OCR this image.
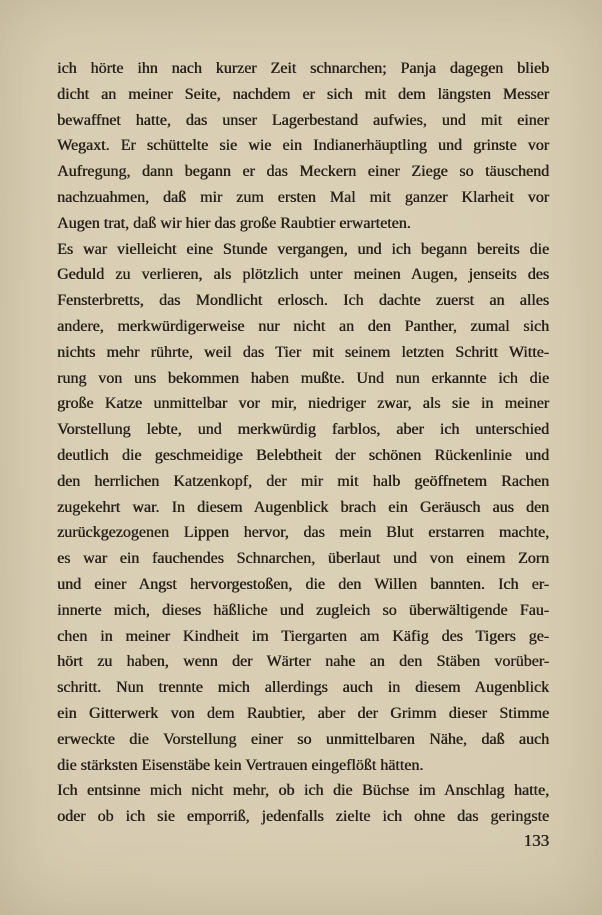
ich hörte ihn nach kurzer Zeit schnarchen; Panja dagegen blieb
dicht an meiner Seite, nachdem er sich mit dem längsten Messer
bewaffnet hatte, das unser Lagerbestand aufwies, und mit einer
Wegaxt. Er schüttelte sie wie ein Indianerhäuptling und grinste vor
Aufregung, dann begann er das Meckern einer Ziege so täuschend
nachzuahmen, daß mir zum ersten Mal mit ganzer Klarheit vor
Augen trat, daß wir hier das große Raubtier erwarteten.

Es war vielleicht eine Stunde vergangen, und ich begann bereits die
Geduld zu verlieren, als plötzlich unter meinen Augen, jenseits des
Fensterbretts, das Mondlicht erlosch. Ich dachte zuerst an alles
andere, merkwürdigerweise nur nicht an den Panther, zumal sich
nichts mehr rührte, weil das Tier mit seinem letzten Schritt Witte-
rung von uns bekommen haben mußte. Und nun erkannte ich die
große Katze unmittelbar vor mir, niedriger zwar, als sie in meiner
Vorstellung lebte, und merkwürdig farblos, aber ich unterschied
deutlich die geschmeidige Belebtheit der schönen Rückenlinie und
den herrlichen Katzenkopf, der mir mit halb geöffnetem Rachen
zugekehrt war. In diesem Augenblick brach ein Geräusch aus den
zurückgezogenen Lippen hervor, das mein Blut erstarren machte,
es war ein fauchendes Schnarchen, überlaut und von einem Zorn
und einer Angst hervorgestoßen, die den Willen bannten. Ich er-
innerte mich, dieses häßliche und zugleich so überwältigende Fau-
chen in meiner Kindheit im Tiergarten am Käfig des Tigers ge-
hört zu haben, wenn der Wärter nahe an den Stäben vorüber-
schritt. Nun trennte mich allerdings auch in diesem Augenblick
ein Gitterwerk von dem Raubtier, aber der Grimm dieser Stimme
erweckte die Vorstellung einer so unmittelbaren Nähe, daß auch
die stärksten Eisenstäbe kein Vertrauen eingeflößt hätten.

Ich entsinne mich nicht mehr, ob ich die Büchse im Anschlag hatte,
oder ob ich sie emporriß, jedenfalls zielte ich ohne das geringste

133
